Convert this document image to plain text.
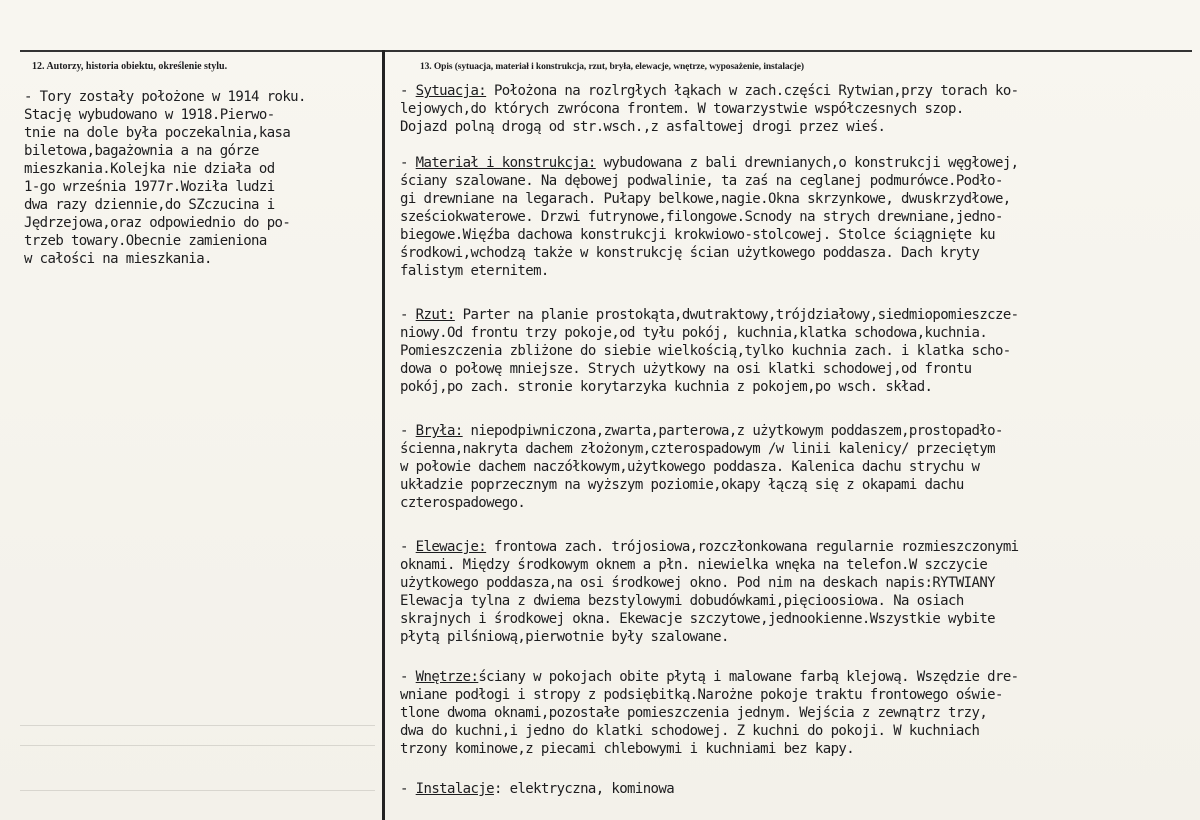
12. Autorzy, historia obiektu, określenie stylu.

- Tory zostały położone w 1914 roku.
Stację wybudowano w 1918.Pierwo-
tnie na dole była poczekalnia,kasa
biletowa,bagażownia a na górze
mieszkania.Kolejka nie działa od
1-go września 1977r.Woziła ludzi
dwa razy dziennie,do SZczucina i
Jędrzejowa,oraz odpowiednio do po-
trzeb towary.Obecnie zamieniona
w całości na mieszkania.

13. Opis (sytuacja, materiał i konstrukcja, rzut, bryła, elewacje, wnętrze, wyposażenie, instalacje)

- Sytuacja: Położona na rozlrgłych łąkach w zach.części Rytwian,przy torach ko-
lejowych,do których zwrócona frontem. W towarzystwie współczesnych szop.
Dojazd polną drogą od str.wsch.,z asfaltowej drogi przez wieś.

- Materiał i konstrukcja: wybudowana z bali drewnianych,o konstrukcji węgłowej,
ściany szalowane. Na dębowej podwalinie, ta zaś na ceglanej podmurówce.Podło-
gi drewniane na legarach. Pułapy belkowe,nagie.Okna skrzynkowe, dwuskrzydłowe,
sześciokwaterowe. Drzwi futrynowe,filongowe.Scnody na strych drewniane,jedno-
biegowe.Więźba dachowa konstrukcji krokwiowo-stolcowej. Stolce ściągnięte ku
środkowi,wchodzą także w konstrukcję ścian użytkowego poddasza. Dach kryty
falistym eternitem.

- Rzut: Parter na planie prostokąta,dwutraktowy,trójdziałowy,siedmiopomieszcze-
niowy.Od frontu trzy pokoje,od tyłu pokój, kuchnia,klatka schodowa,kuchnia.
Pomieszczenia zbliżone do siebie wielkością,tylko kuchnia zach. i klatka scho-
dowa o połowę mniejsze. Strych użytkowy na osi klatki schodowej,od frontu
pokój,po zach. stronie korytarzyka kuchnia z pokojem,po wsch. skład.

- Bryła: niepodpiwniczona,zwarta,parterowa,z użytkowym poddaszem,prostopadło-
ścienna,nakryta dachem złożonym,czterospadowym /w linii kalenicy/ przeciętym
w połowie dachem naczółkowym,użytkowego poddasza. Kalenica dachu strychu w
układzie poprzecznym na wyższym poziomie,okapy łączą się z okapami dachu
czterospadowego.

- Elewacje: frontowa zach. trójosiowa,rozczłonkowana regularnie rozmieszczonymi
oknami. Między środkowym oknem a płn. niewielka wnęka na telefon.W szczycie
użytkowego poddasza,na osi środkowej okno. Pod nim na deskach napis:RYTWIANY
Elewacja tylna z dwiema bezstylowymi dobudówkami,pięcioosiowa. Na osiach
skrajnych i środkowej okna. Ekewacje szczytowe,jednookienne.Wszystkie wybite
płytą pilśniową,pierwotnie były szalowane.

- Wnętrze:ściany w pokojach obite płytą i malowane farbą klejową. Wszędzie dre-
wniane podłogi i stropy z podsiębitką.Narożne pokoje traktu frontowego oświe-
tlone dwoma oknami,pozostałe pomieszczenia jednym. Wejścia z zewnątrz trzy,
dwa do kuchni,i jedno do klatki schodowej. Z kuchni do pokoji. W kuchniach
trzony kominowe,z piecami chlebowymi i kuchniami bez kapy.

- Instalacje: elektryczna, kominowa
